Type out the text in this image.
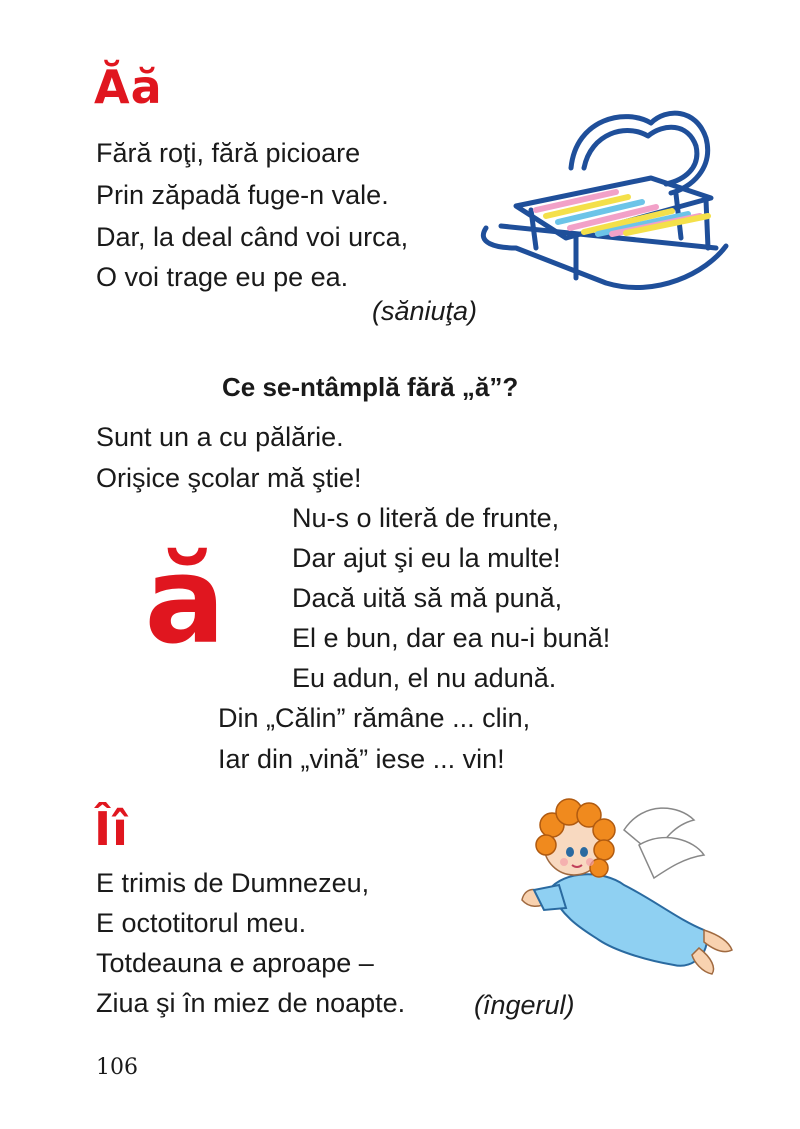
Ăă
Fără roţi, fără picioare
Prin zăpadă fuge-n vale.
Dar, la deal când voi urca,
O voi trage eu pe ea.
(săniuţa)
Ce se-ntâmplă fără „ă”?
Sunt un a cu pălărie.
Orişice şcolar mă ştie!
ă
Nu-s o literă de frunte,
Dar ajut şi eu la multe!
Dacă uită să mă pună,
El e bun, dar ea nu-i bună!
Eu adun, el nu adună.
Din „Călin” rămâne ... clin,
Iar din „vină” iese ... vin!
Îî
E trimis de Dumnezeu,
E octotitorul meu.
Totdeauna e aproape –
Ziua şi în miez de noapte.	(îngerul)
106
